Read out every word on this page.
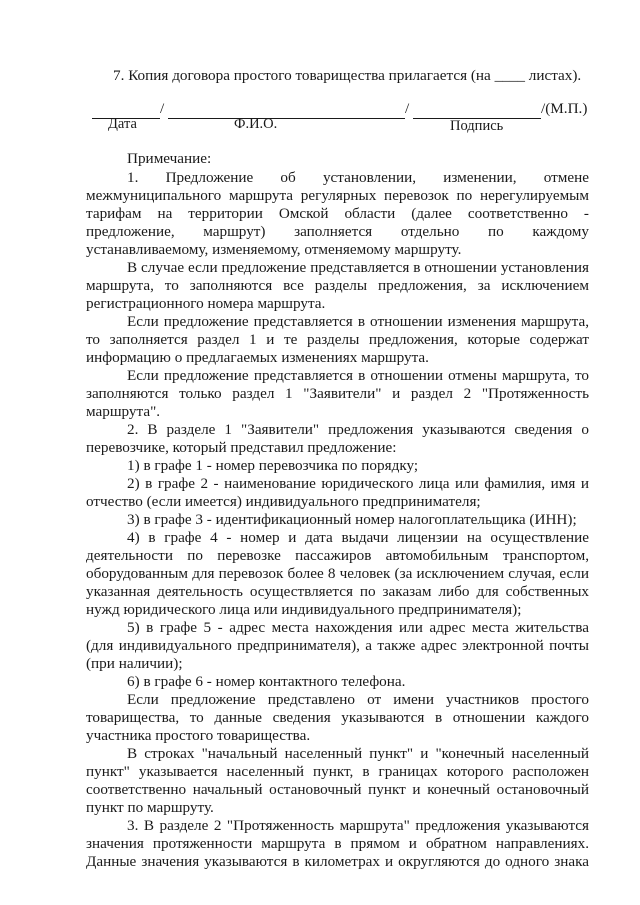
7. Копия договора простого товарищества прилагается (на ____ листах).
/	/	/(М.П.)
Дата	Ф.И.О.	Подпись
Примечание:
1. Предложение об установлении, изменении, отмене
межмуниципального маршрута регулярных перевозок по нерегулируемым
тарифам на территории Омской области (далее соответственно -
предложение, маршрут) заполняется отдельно по каждому
устанавливаемому, изменяемому, отменяемому маршруту.
В случае если предложение представляется в отношении установления
маршрута, то заполняются все разделы предложения, за исключением
регистрационного номера маршрута.
Если предложение представляется в отношении изменения маршрута,
то заполняется раздел 1 и те разделы предложения, которые содержат
информацию о предлагаемых изменениях маршрута.
Если предложение представляется в отношении отмены маршрута, то
заполняются только раздел 1 "Заявители" и раздел 2 "Протяженность
маршрута".
2. В разделе 1 "Заявители" предложения указываются сведения о
перевозчике, который представил предложение:
1) в графе 1 - номер перевозчика по порядку;
2) в графе 2 - наименование юридического лица или фамилия, имя и
отчество (если имеется) индивидуального предпринимателя;
3) в графе 3 - идентификационный номер налогоплательщика (ИНН);
4) в графе 4 - номер и дата выдачи лицензии на осуществление
деятельности по перевозке пассажиров автомобильным транспортом,
оборудованным для перевозок более 8 человек (за исключением случая, если
указанная деятельность осуществляется по заказам либо для собственных
нужд юридического лица или индивидуального предпринимателя);
5) в графе 5 - адрес места нахождения или адрес места жительства
(для индивидуального предпринимателя), а также адрес электронной почты
(при наличии);
6) в графе 6 - номер контактного телефона.
Если предложение представлено от имени участников простого
товарищества, то данные сведения указываются в отношении каждого
участника простого товарищества.
В строках "начальный населенный пункт" и "конечный населенный
пункт" указывается населенный пункт, в границах которого расположен
соответственно начальный остановочный пункт и конечный остановочный
пункт по маршруту.
3. В разделе 2 "Протяженность маршрута" предложения указываются
значения протяженности маршрута в прямом и обратном направлениях.
Данные значения указываются в километрах и округляются до одного знака
